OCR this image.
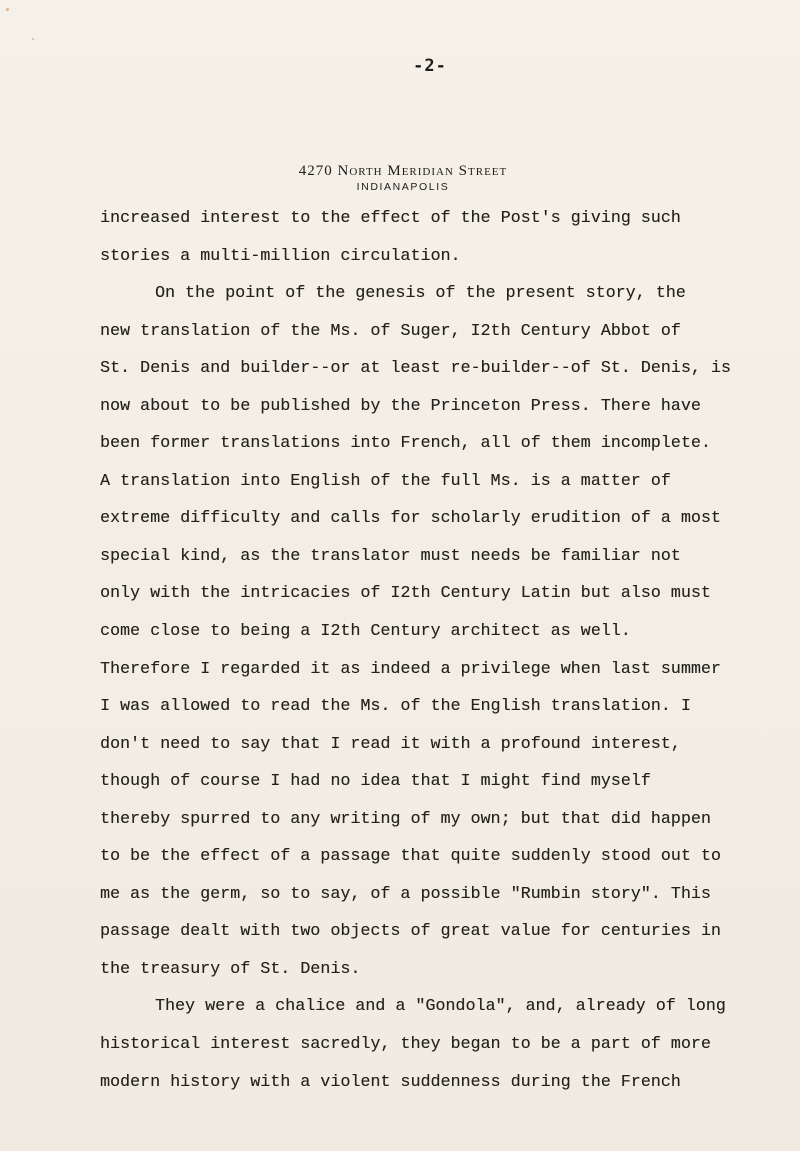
-2-
4270 North Meridian Street
INDIANAPOLIS
increased interest to the effect of the Post's giving such
stories a multi-million circulation.
On the point of the genesis of the present story, the
new translation of the Ms. of Suger, I2th Century Abbot of
St. Denis and builder--or at least re-builder--of St. Denis, is
now about to be published by the Princeton Press. There have
been former translations into French, all of them incomplete.
A translation into English of the full Ms. is a matter of
extreme difficulty and calls for scholarly erudition of a most
special kind, as the translator must needs be familiar not
only with the intricacies of I2th Century Latin but also must
come close to being a I2th Century architect as well.
Therefore I regarded it as indeed a privilege when last summer
I was allowed to read the Ms. of the English translation. I
don't need to say that I read it with a profound interest,
though of course I had no idea that I might find myself
thereby spurred to any writing of my own; but that did happen
to be the effect of a passage that quite suddenly stood out to
me as the germ, so to say, of a possible "Rumbin story". This
passage dealt with two objects of great value for centuries in
the treasury of St. Denis.
They were a chalice and a "Gondola", and, already of long
historical interest sacredly, they began to be a part of more
modern history with a violent suddenness during the French
